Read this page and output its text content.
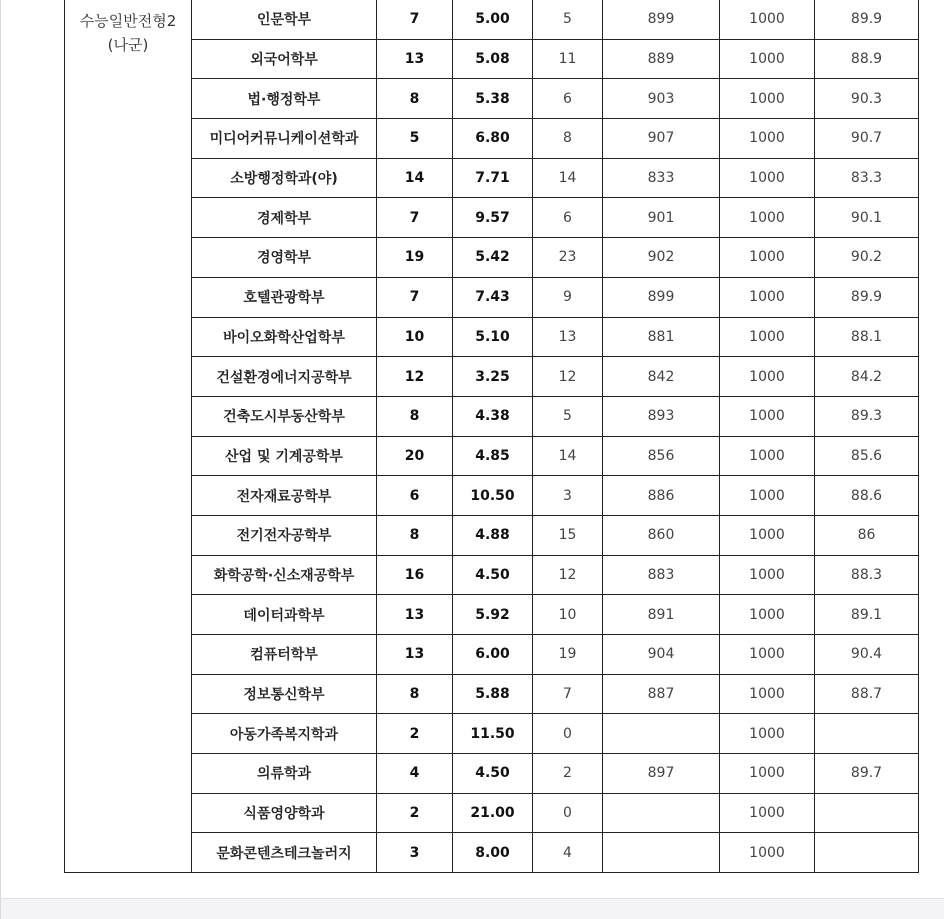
수능일반전형2
(나군)	인문학부	7	5.00	5	899	1000	89.9
	외국어학부	13	5.08	11	889	1000	88.9
	법·행정학부	8	5.38	6	903	1000	90.3
	미디어커뮤니케이션학과	5	6.80	8	907	1000	90.7
	소방행정학과(야)	14	7.71	14	833	1000	83.3
	경제학부	7	9.57	6	901	1000	90.1
	경영학부	19	5.42	23	902	1000	90.2
	호텔관광학부	7	7.43	9	899	1000	89.9
	바이오화학산업학부	10	5.10	13	881	1000	88.1
	건설환경에너지공학부	12	3.25	12	842	1000	84.2
	건축도시부동산학부	8	4.38	5	893	1000	89.3
	산업 및 기계공학부	20	4.85	14	856	1000	85.6
	전자재료공학부	6	10.50	3	886	1000	88.6
	전기전자공학부	8	4.88	15	860	1000	86
	화학공학·신소재공학부	16	4.50	12	883	1000	88.3
	데이터과학부	13	5.92	10	891	1000	89.1
	컴퓨터학부	13	6.00	19	904	1000	90.4
	정보통신학부	8	5.88	7	887	1000	88.7
	아동가족복지학과	2	11.50	0		1000	
	의류학과	4	4.50	2	897	1000	89.7
	식품영양학과	2	21.00	0		1000	
	문화콘텐츠테크놀러지	3	8.00	4		1000	
